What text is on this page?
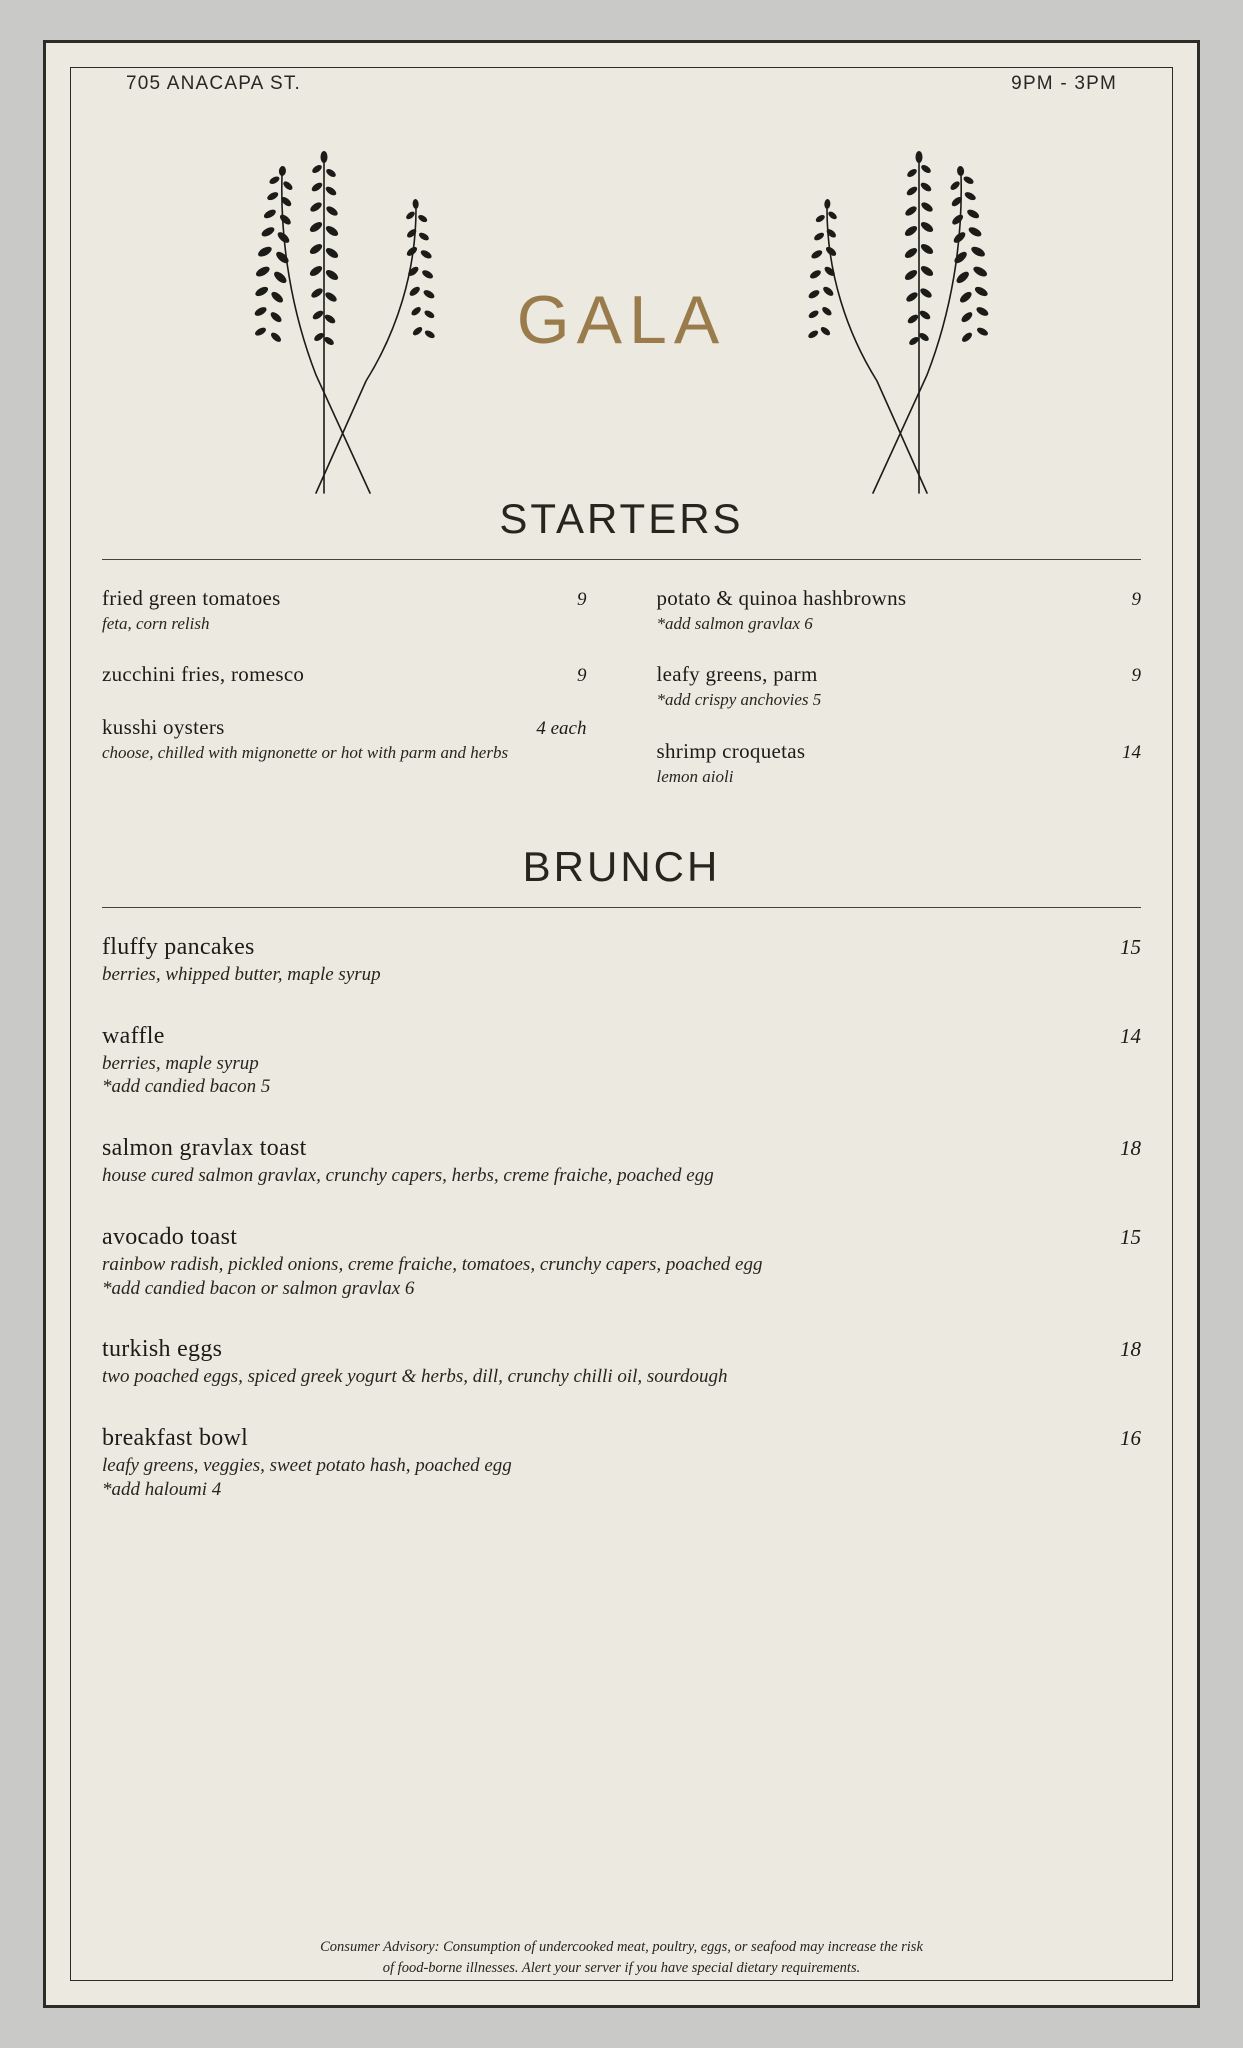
705 ANACAPA ST.	9PM - 3PM
GALA
STARTERS
fried green tomatoes	9
feta, corn relish
zucchini fries, romesco	9
kusshi oysters	4 each
choose, chilled with mignonette or hot with parm and herbs
potato & quinoa hashbrowns	9
*add salmon gravlax 6
leafy greens, parm	9
*add crispy anchovies 5
shrimp croquetas	14
lemon aioli
BRUNCH
fluffy pancakes	15
berries, whipped butter, maple syrup
waffle	14
berries, maple syrup
*add candied bacon 5
salmon gravlax toast	18
house cured salmon gravlax, crunchy capers, herbs, creme fraiche, poached egg
avocado toast	15
rainbow radish, pickled onions, creme fraiche, tomatoes, crunchy capers, poached egg
*add candied bacon or salmon gravlax 6
turkish eggs	18
two poached eggs, spiced greek yogurt & herbs, dill, crunchy chilli oil, sourdough
breakfast bowl	16
leafy greens, veggies, sweet potato hash, poached egg
*add haloumi 4
Consumer Advisory: Consumption of undercooked meat, poultry, eggs, or seafood may increase the risk
of food-borne illnesses. Alert your server if you have special dietary requirements.
